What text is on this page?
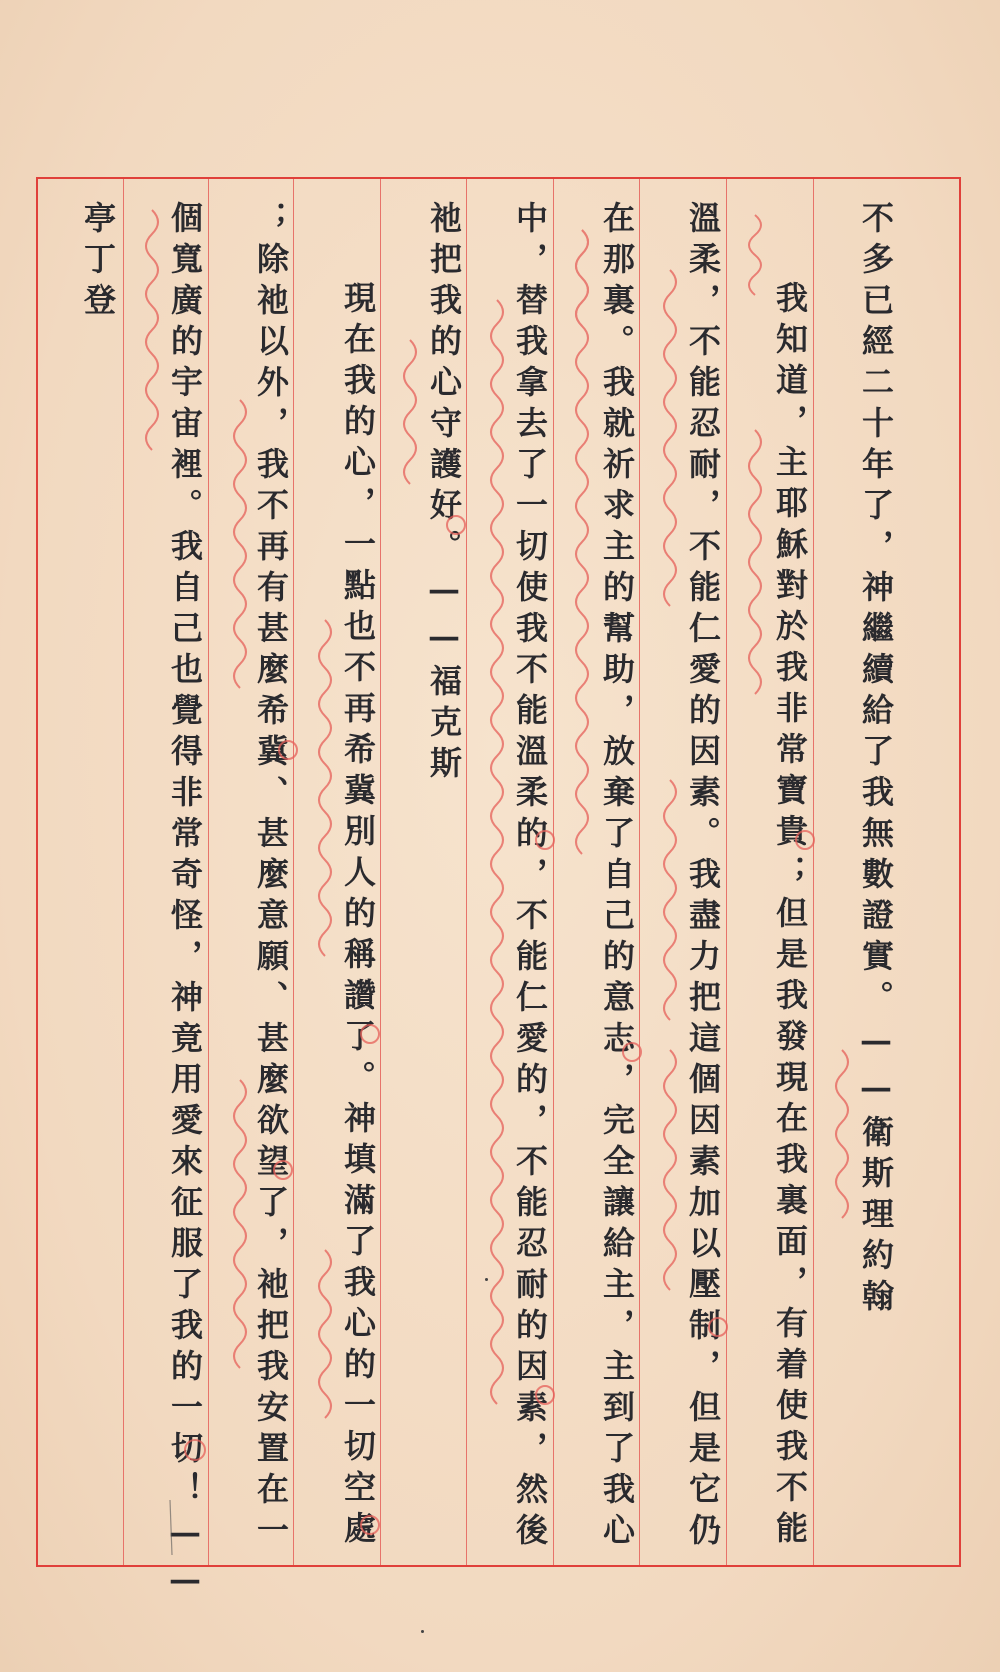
不多已經二十年了，神繼續給了我無數證實。——衛斯理約翰
我知道，主耶穌對於我非常寶貴；但是我發現在我裏面，有着使我不能
溫柔，不能忍耐，不能仁愛的因素。我盡力把這個因素加以壓制，但是它仍
在那裏。我就祈求主的幫助，放棄了自己的意志，完全讓給主，主到了我心
中，替我拿去了一切使我不能溫柔的，不能仁愛的，不能忍耐的因素，然後
祂把我的心守護好。——福克斯
現在我的心，一點也不再希冀別人的稱讚了。神填滿了我心的一切空處
；除祂以外，我不再有甚麼希冀、甚麼意願、甚麼欲望了，祂把我安置在一
個寬廣的宇宙裡。我自己也覺得非常奇怪，神竟用愛來征服了我的一切！——
亭丁登
